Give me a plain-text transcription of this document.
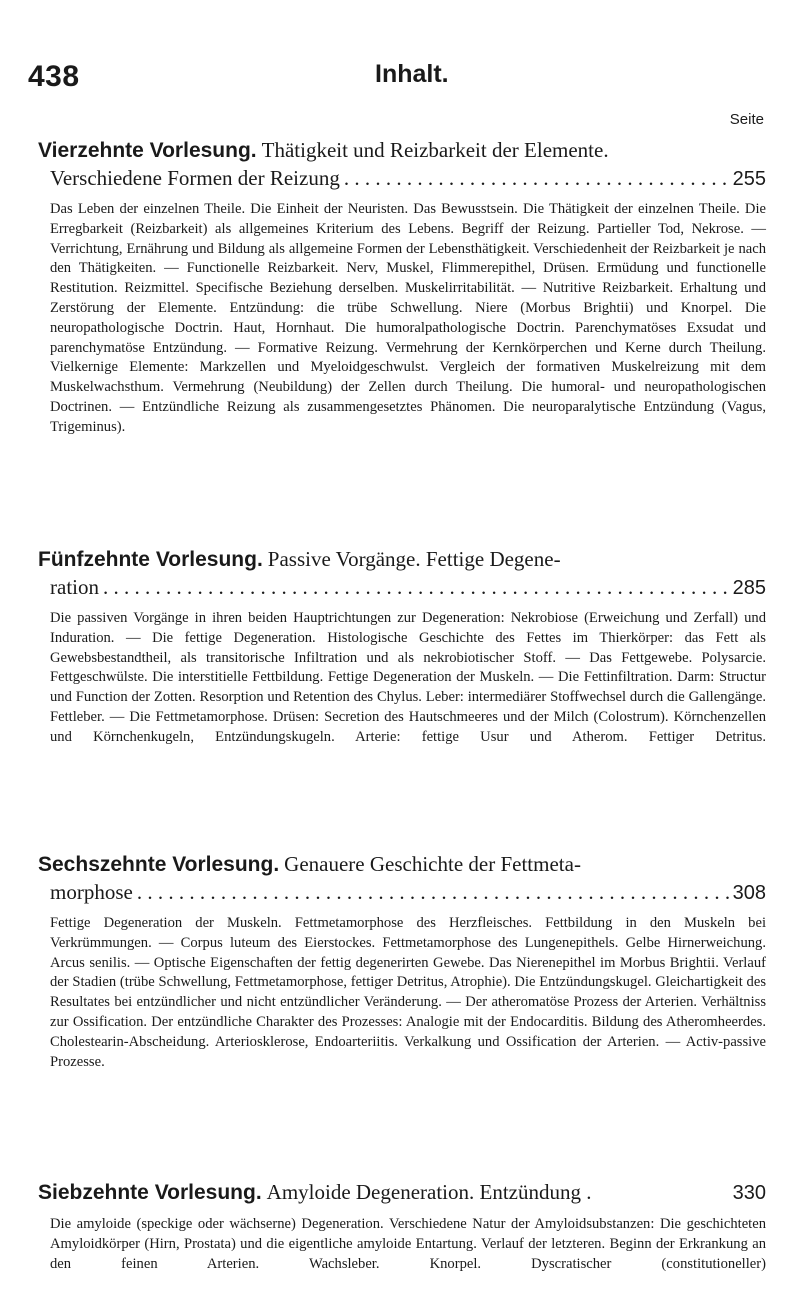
438	Inhalt.
Seite
Vierzehnte Vorlesung. Thätigkeit und Reizbarkeit der Elemente.
Verschiedene Formen der Reizung . . .	255
Das Leben der einzelnen Theile. Die Einheit der Neuristen. Das Bewusstsein. Die Thätigkeit der einzelnen Theile. Die Erregbarkeit (Reizbarkeit) als allgemeines Kriterium des Lebens. Begriff der Reizung. Partieller Tod, Nekrose. — Verrichtung, Ernährung und Bildung als allgemeine Formen der Lebensthätigkeit. Verschiedenheit der Reizbarkeit je nach den Thätigkeiten. — Functionelle Reizbarkeit. Nerv, Muskel, Flimmerepithel, Drüsen. Ermüdung und functionelle Restitution. Reizmittel. Specifische Beziehung derselben. Muskelirritabilität. — Nutritive Reizbarkeit. Erhaltung und Zerstörung der Elemente. Entzündung: die trübe Schwellung. Niere (Morbus Brightii) und Knorpel. Die neuropathologische Doctrin. Haut, Hornhaut. Die humoralpathologische Doctrin. Parenchymatöses Exsudat und parenchymatöse Entzündung. — Formative Reizung. Vermehrung der Kernkörperchen und Kerne durch Theilung. Vielkernige Elemente: Markzellen und Myeloidgeschwulst. Vergleich der formativen Muskelreizung mit dem Muskelwachsthum. Vermehrung (Neubildung) der Zellen durch Theilung. Die humoral- und neuropathologischen Doctrinen. — Entzündliche Reizung als zusammengesetztes Phänomen. Die neuroparalytische Entzündung (Vagus, Trigeminus).
Fünfzehnte Vorlesung. Passive Vorgänge. Fettige Degene-
ration . . .	285
Die passiven Vorgänge in ihren beiden Hauptrichtungen zur Degeneration: Nekrobiose (Erweichung und Zerfall) und Induration. — Die fettige Degeneration. Histologische Geschichte des Fettes im Thierkörper: das Fett als Gewebsbestandtheil, als transitorische Infiltration und als nekrobiotischer Stoff. — Das Fettgewebe. Polysarcie. Fettgeschwülste. Die interstitielle Fettbildung. Fettige Degeneration der Muskeln. — Die Fettinfiltration. Darm: Structur und Function der Zotten. Resorption und Retention des Chylus. Leber: intermediärer Stoffwechsel durch die Gallengänge. Fettleber. — Die Fettmetamorphose. Drüsen: Secretion des Hautschmeeres und der Milch (Colostrum). Körnchenzellen und Körnchenkugeln, Entzündungskugeln. Arterie: fettige Usur und Atherom. Fettiger Detritus.
Sechszehnte Vorlesung. Genauere Geschichte der Fettmeta-
morphose . . .	308
Fettige Degeneration der Muskeln. Fettmetamorphose des Herzfleisches. Fettbildung in den Muskeln bei Verkrümmungen. — Corpus luteum des Eierstockes. Fettmetamorphose des Lungenepithels. Gelbe Hirnerweichung. Arcus senilis. — Optische Eigenschaften der fettig degenerirten Gewebe. Das Nierenepithel im Morbus Brightii. Verlauf der Stadien (trübe Schwellung, Fettmetamorphose, fettiger Detritus, Atrophie). Die Entzündungskugel. Gleichartigkeit des Resultates bei entzündlicher und nicht entzündlicher Veränderung. — Der atheromatöse Prozess der Arterien. Verhältniss zur Ossification. Der entzündliche Charakter des Prozesses: Analogie mit der Endocarditis. Bildung des Atheromheerdes. Cholestearin-Abscheidung. Arteriosklerose, Endoarteriitis. Verkalkung und Ossification der Arterien. — Activ-passive Prozesse.
Siebzehnte Vorlesung. Amyloide Degeneration. Entzündung .	330
Die amyloide (speckige oder wächserne) Degeneration. Verschiedene Natur der Amyloidsubstanzen: Die geschichteten Amyloidkörper (Hirn, Prostata) und die eigentliche amyloide Entartung. Verlauf der letzteren. Beginn der Erkrankung an den feinen Arterien. Wachsleber. Knorpel. Dyscratischer (constitutioneller)
